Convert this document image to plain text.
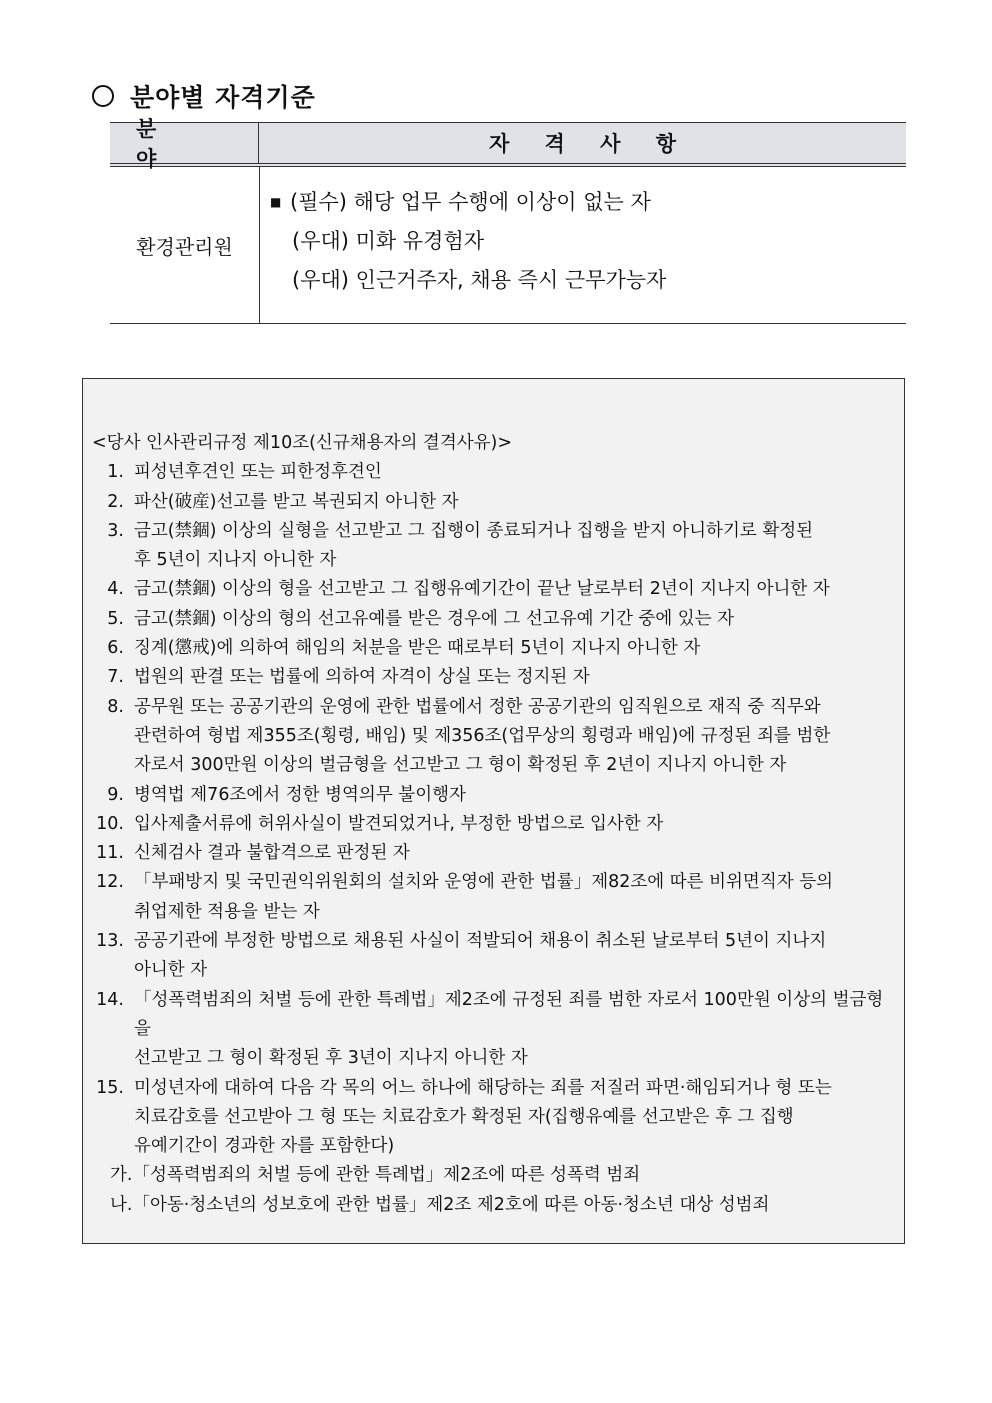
분야별 자격기준
분 야
자 격 사 항
환경관리원
■ (필수) 해당 업무 수행에 이상이 없는 자
(우대) 미화 유경험자
(우대) 인근거주자, 채용 즉시 근무가능자
<당사 인사관리규정 제10조(신규채용자의 결격사유)>
1. 피성년후견인 또는 피한정후견인
2. 파산(破産)선고를 받고 복권되지 아니한 자
3. 금고(禁錮) 이상의 실형을 선고받고 그 집행이 종료되거나 집행을 받지 아니하기로 확정된
후 5년이 지나지 아니한 자
4. 금고(禁錮) 이상의 형을 선고받고 그 집행유예기간이 끝난 날로부터 2년이 지나지 아니한 자
5. 금고(禁錮) 이상의 형의 선고유예를 받은 경우에 그 선고유예 기간 중에 있는 자
6. 징계(懲戒)에 의하여 해임의 처분을 받은 때로부터 5년이 지나지 아니한 자
7. 법원의 판결 또는 법률에 의하여 자격이 상실 또는 정지된 자
8. 공무원 또는 공공기관의 운영에 관한 법률에서 정한 공공기관의 임직원으로 재직 중 직무와
관련하여 형법 제355조(횡령, 배임) 및 제356조(업무상의 횡령과 배임)에 규정된 죄를 범한
자로서 300만원 이상의 벌금형을 선고받고 그 형이 확정된 후 2년이 지나지 아니한 자
9. 병역법 제76조에서 정한 병역의무 불이행자
10. 입사제출서류에 허위사실이 발견되었거나, 부정한 방법으로 입사한 자
11. 신체검사 결과 불합격으로 판정된 자
12. 「부패방지 및 국민권익위원회의 설치와 운영에 관한 법률」제82조에 따른 비위면직자 등의
취업제한 적용을 받는 자
13. 공공기관에 부정한 방법으로 채용된 사실이 적발되어 채용이 취소된 날로부터 5년이 지나지
아니한 자
14. 「성폭력범죄의 처벌 등에 관한 특례법」제2조에 규정된 죄를 범한 자로서 100만원 이상의 벌금형을
선고받고 그 형이 확정된 후 3년이 지나지 아니한 자
15. 미성년자에 대하여 다음 각 목의 어느 하나에 해당하는 죄를 저질러 파면·해임되거나 형 또는
치료감호를 선고받아 그 형 또는 치료감호가 확정된 자(집행유예를 선고받은 후 그 집행
유예기간이 경과한 자를 포함한다)
가.「성폭력범죄의 처벌 등에 관한 특례법」제2조에 따른 성폭력 범죄
나.「아동·청소년의 성보호에 관한 법률」제2조 제2호에 따른 아동·청소년 대상 성범죄
